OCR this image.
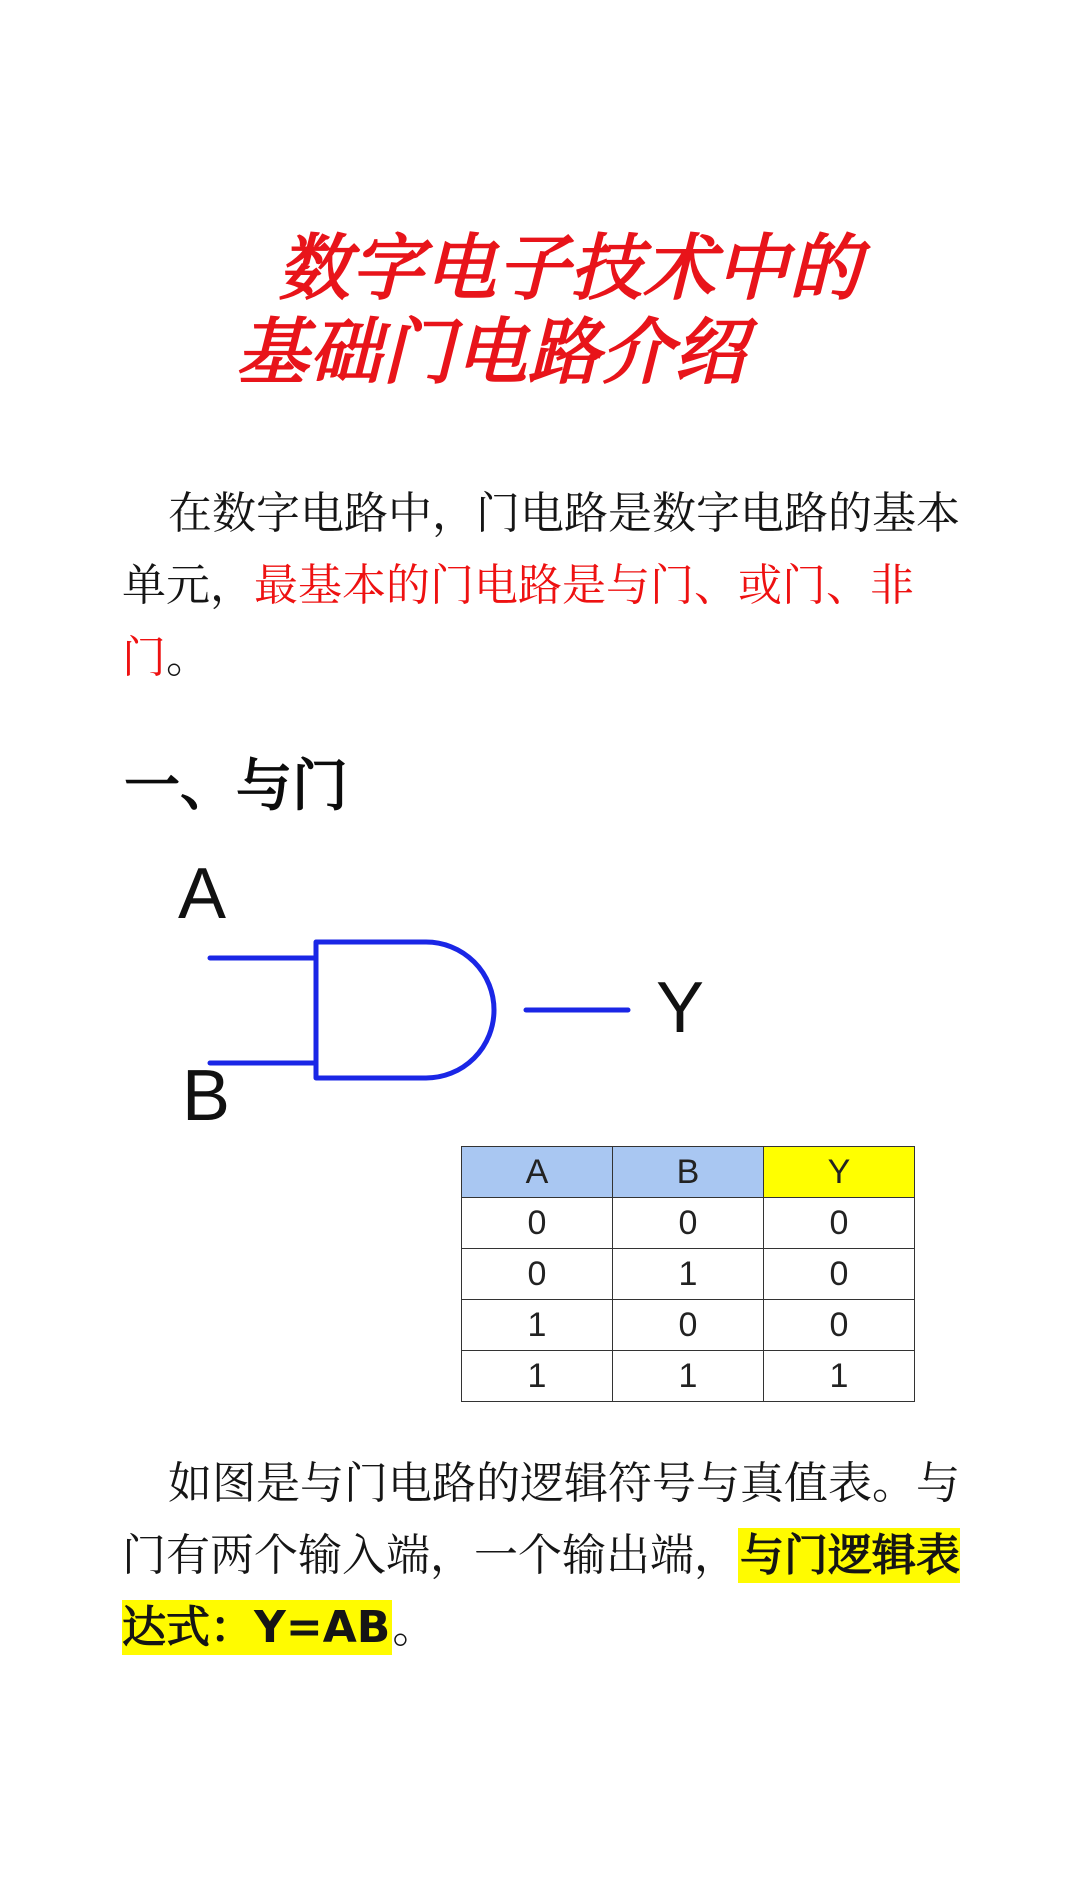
数字电子技术中的
基础门电路介绍
在数字电路中，门电路是数字电路的基本单元，最基本的门电路是与门、或门、非门。
一、与门
A
B
Y
A	B	Y
0	0	0
0	1	0
1	0	0
1	1	1
如图是与门电路的逻辑符号与真值表。与门有两个输入端，一个输出端，与门逻辑表达式：Y=AB。
